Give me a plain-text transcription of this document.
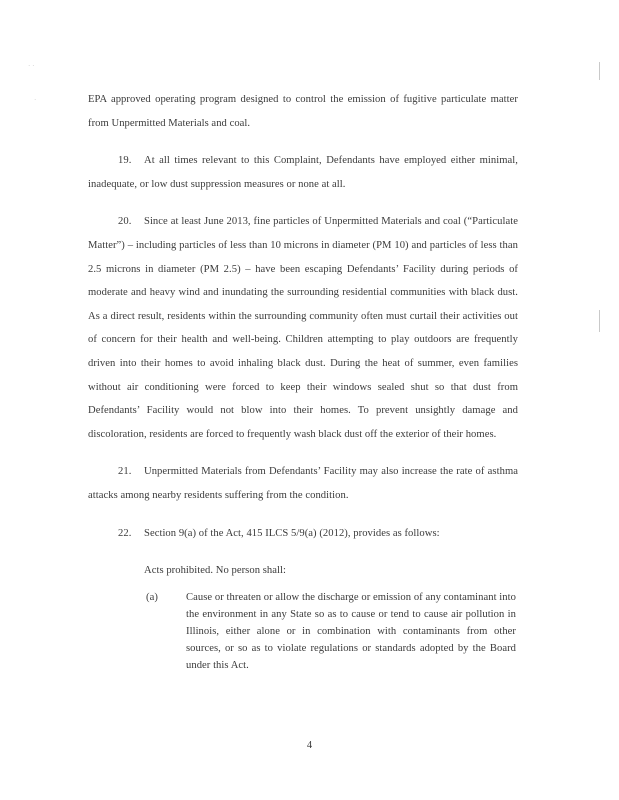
· ·
·	EPA approved operating program designed to control the emission of fugitive particulate matter from Unpermitted Materials and coal.

19. At all times relevant to this Complaint, Defendants have employed either minimal, inadequate, or low dust suppression measures or none at all.

20. Since at least June 2013, fine particles of Unpermitted Materials and coal (“Particulate Matter”) – including particles of less than 10 microns in diameter (PM 10) and particles of less than 2.5 microns in diameter (PM 2.5) – have been escaping Defendants’ Facility during periods of moderate and heavy wind and inundating the surrounding residential communities with black dust. As a direct result, residents within the surrounding community often must curtail their activities out of concern for their health and well-being. Children attempting to play outdoors are frequently driven into their homes to avoid inhaling black dust. During the heat of summer, even families without air conditioning were forced to keep their windows sealed shut so that dust from Defendants’ Facility would not blow into their homes. To prevent unsightly damage and discoloration, residents are forced to frequently wash black dust off the exterior of their homes.

21. Unpermitted Materials from Defendants’ Facility may also increase the rate of asthma attacks among nearby residents suffering from the condition.

22. Section 9(a) of the Act, 415 ILCS 5/9(a) (2012), provides as follows:

Acts prohibited. No person shall:

(a)	Cause or threaten or allow the discharge or emission of any contaminant into the environment in any State so as to cause or tend to cause air pollution in Illinois, either alone or in combination with contaminants from other sources, or so as to violate regulations or standards adopted by the Board under this Act.
4
